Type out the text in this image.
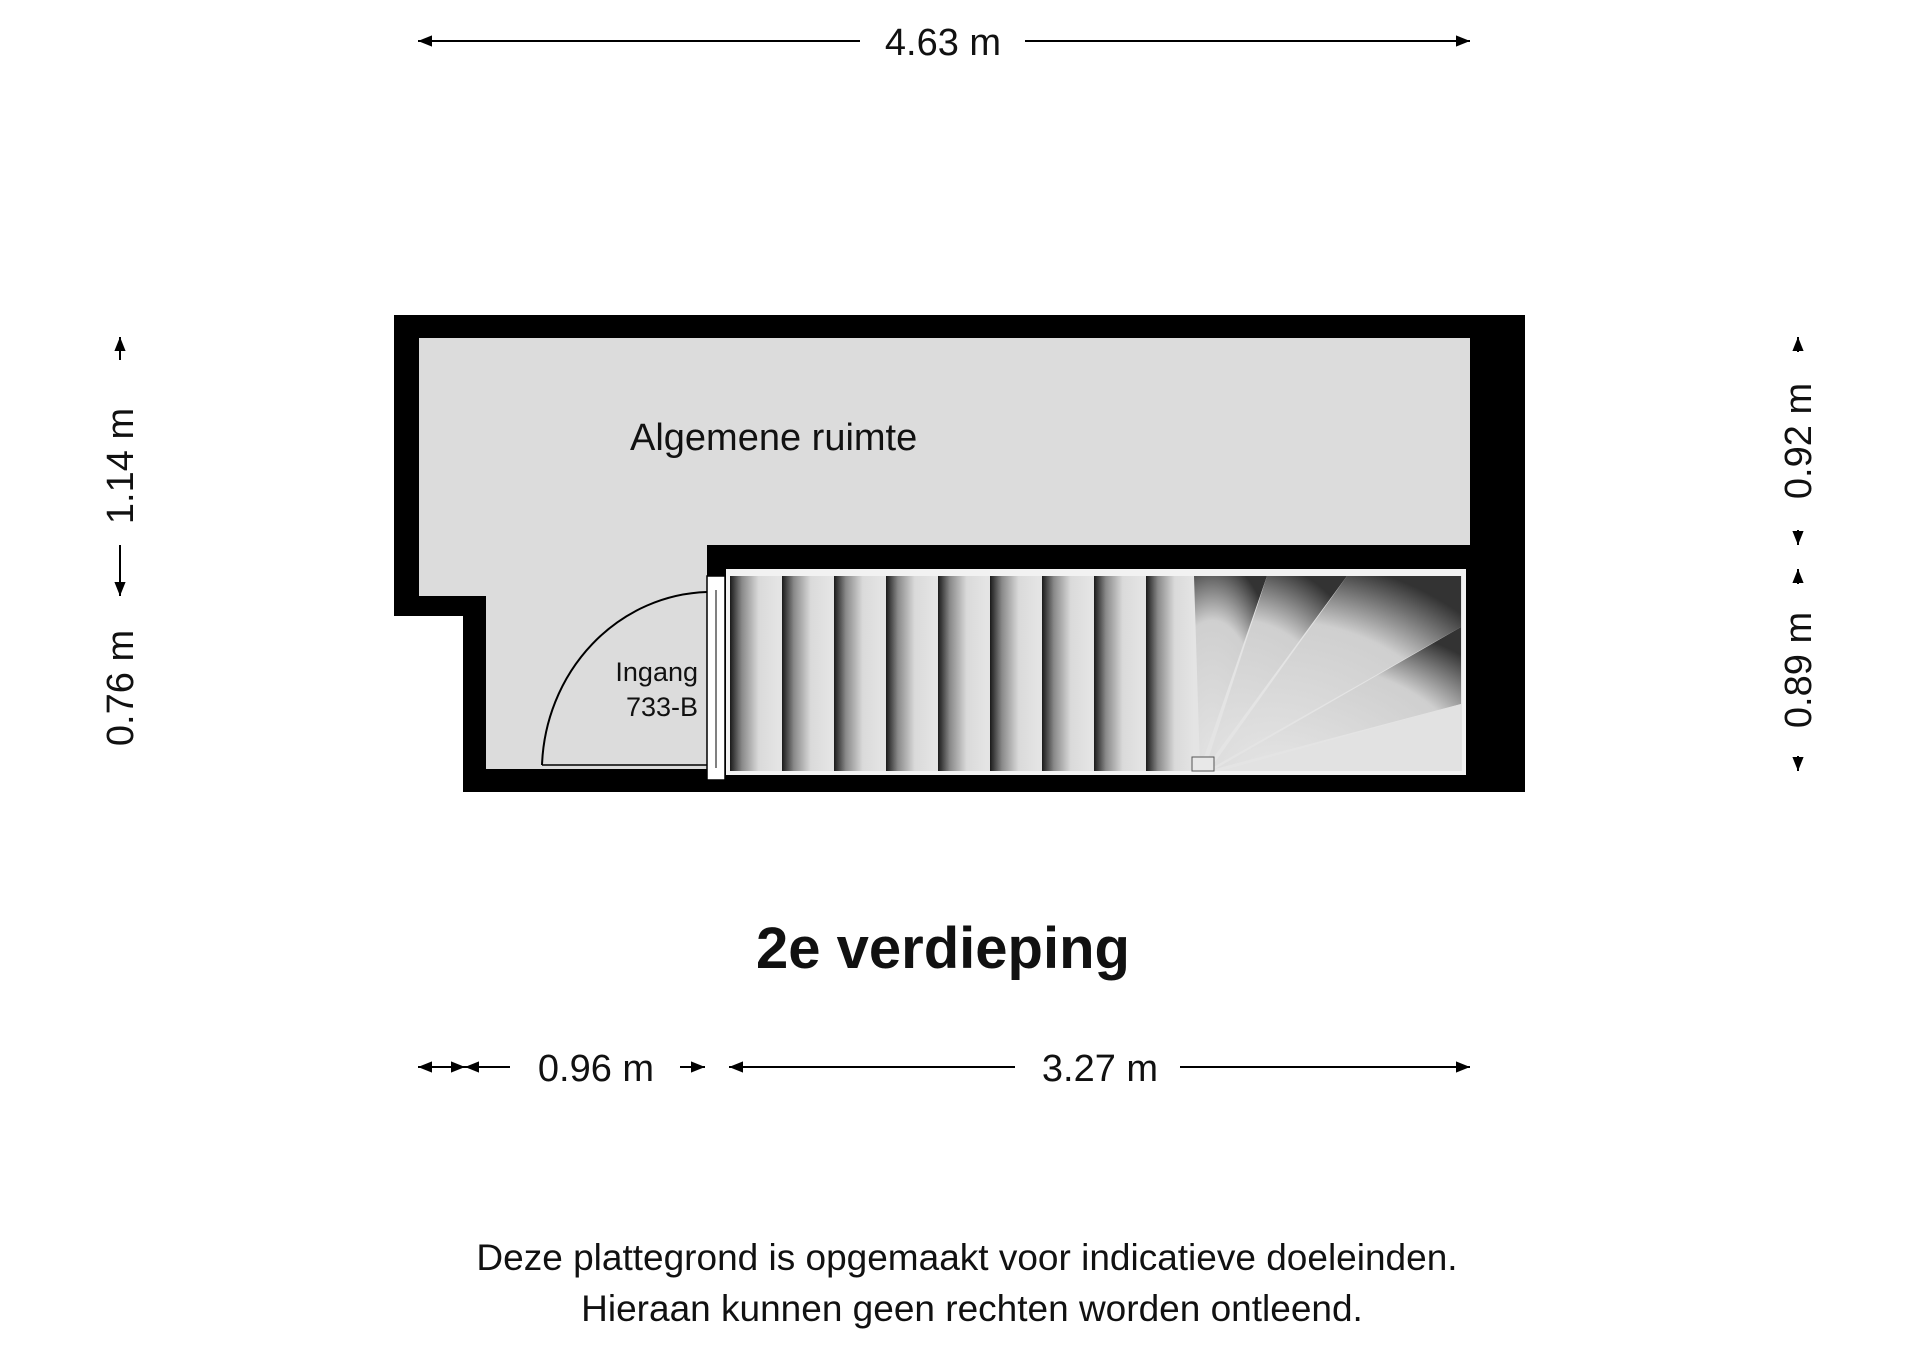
4.63 m
Algemene ruimte
Ingang
733-B
1.14 m
0.76 m
0.92 m
0.89 m
2e verdieping
0.96 m	3.27 m
Deze plattegrond is opgemaakt voor indicatieve doeleinden.
Hieraan kunnen geen rechten worden ontleend.
